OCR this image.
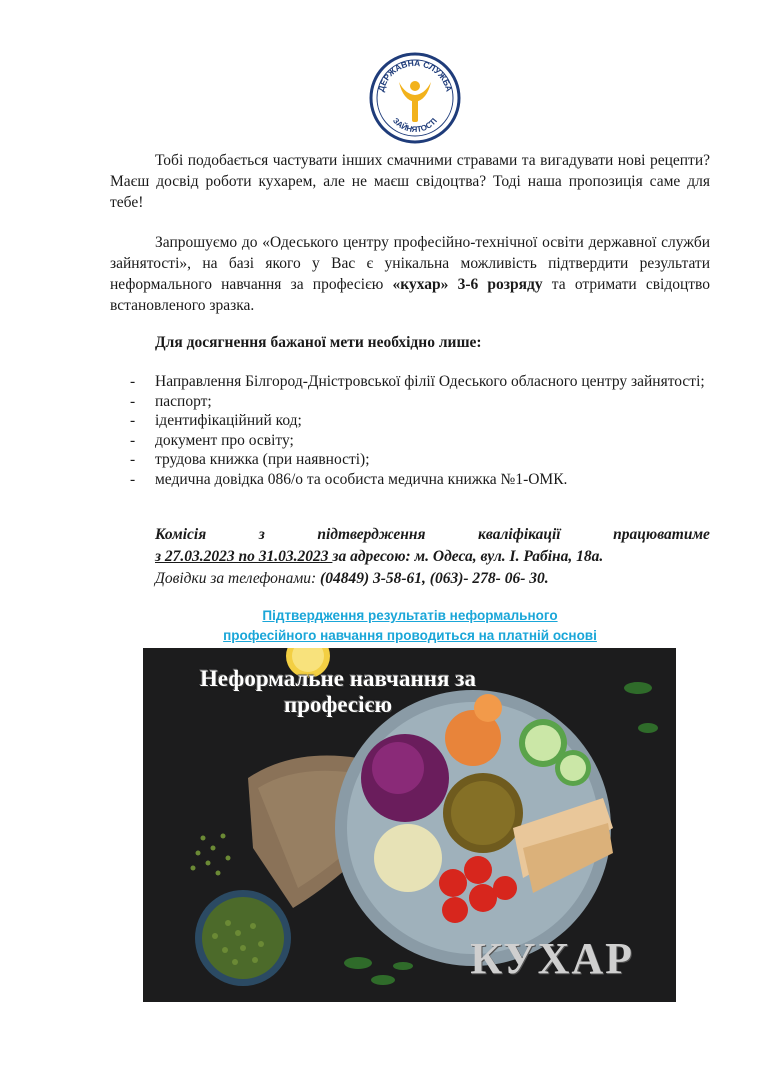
ДЕРЖАВНА СЛУЖБА
ЗАЙНЯТОСТІ

Тобі подобається частувати інших смачними стравами та вигадувати нові рецепти? Маєш досвід роботи кухарем, але не маєш свідоцтва? Тоді наша пропозиція саме для тебе!

Запрошуємо до «Одеського центру професійно-технічної освіти державної служби зайнятості», на базі якого у Вас є унікальна можливість підтвердити результати неформального навчання за професією «кухар» 3-6 розряду та отримати свідоцтво встановленого зразка.

Для досягнення бажаної мети необхідно лише:
- Направлення Білгород-Дністровської філії Одеського обласного центру зайнятості;
- паспорт;
- ідентифікаційний код;
- документ про освіту;
- трудова книжка (при наявності);
- медична довідка 086/о та особиста медична книжка №1-ОМК.
Комісія	з	підтвердження	кваліфікації	працюватиме
з 27.03.2023 по 31.03.2023 за адресою: м. Одеса, вул. І. Рабіна, 18а.
Довідки за телефонами: (04849) 3-58-61, (063)- 278- 06- 30.
Підтвердження результатів неформального
професійного навчання проводиться на платній основі
Неформальне навчання за професією
КУХАР
